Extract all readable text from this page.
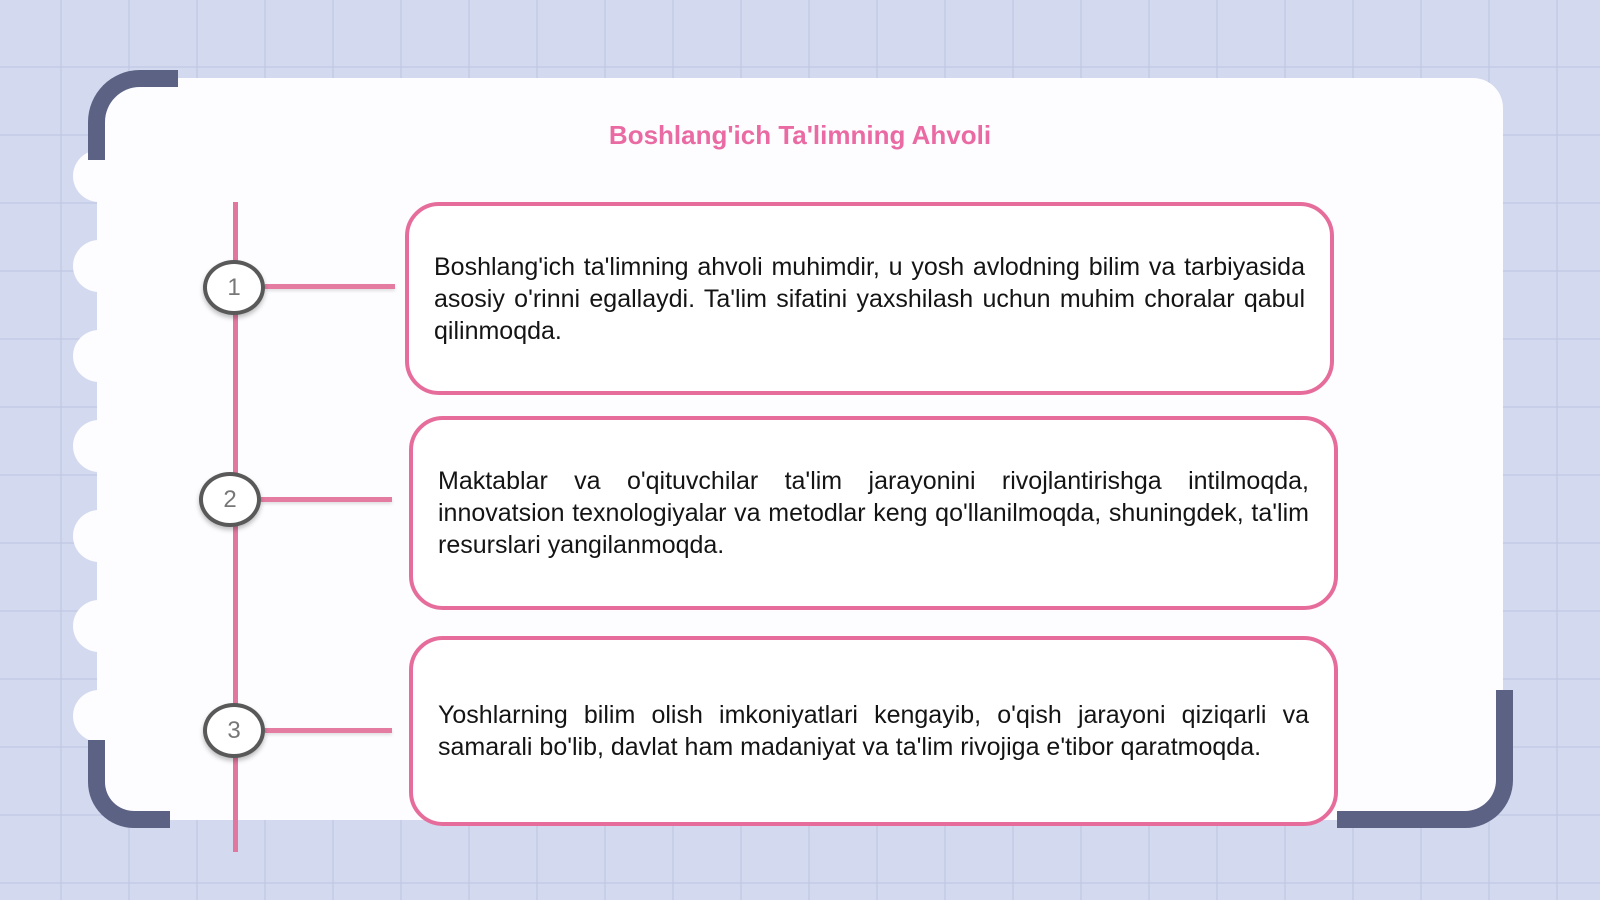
Boshlang'ich Ta'limning Ahvoli
1
2
3

Boshlang'ich ta'limning ahvoli muhimdir, u yosh avlodning bilim va tarbiyasida asosiy o'rinni egallaydi. Ta'lim sifatini yaxshilash uchun muhim choralar qabul qilinmoqda.

Maktablar va o'qituvchilar ta'lim jarayonini rivojlantirishga intilmoqda, innovatsion texnologiyalar va metodlar keng qo'llanilmoqda, shuningdek, ta'lim resurslari yangilanmoqda.

Yoshlarning bilim olish imkoniyatlari kengayib, o'qish jarayoni qiziqarli va samarali bo'lib, davlat ham madaniyat va ta'lim rivojiga e'tibor qaratmoqda.
